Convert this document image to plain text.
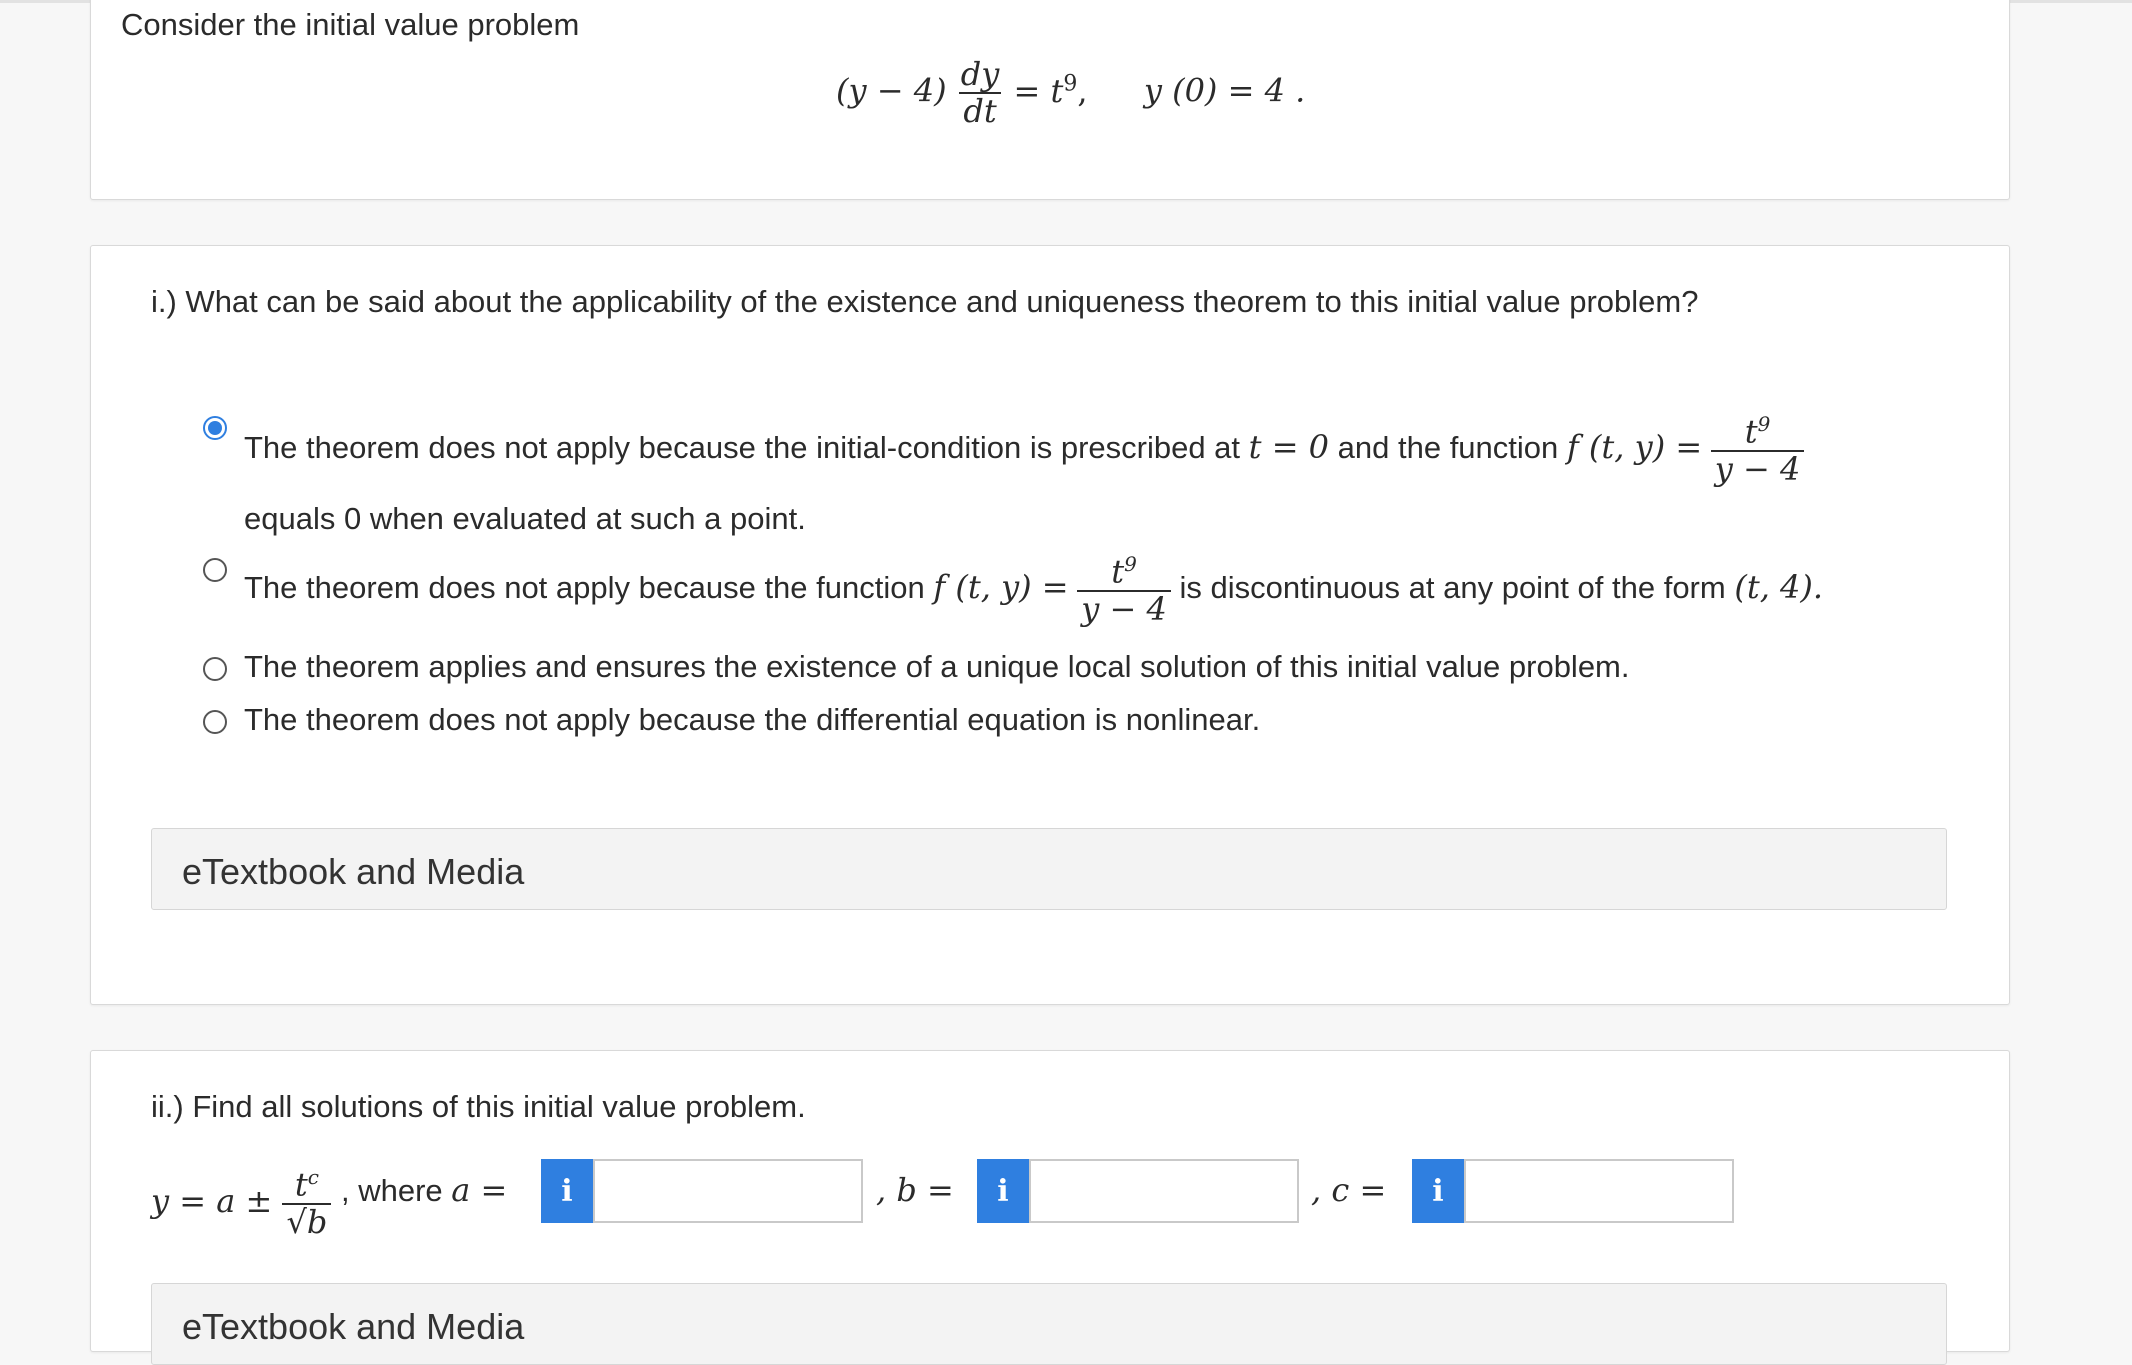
Consider the initial value problem
$(y - 4) \frac{dy}{dt} = t^9$, y (0) = 4 .
i.) What can be said about the applicability of the existence and uniqueness theorem to this initial value problem?
The theorem does not apply because the initial-condition is prescribed at t = 0 and the function f (t, $y) = \frac{t^9}{y - 4}$
equals 0 when evaluated at such a point.
The theorem does not apply because the function f (t, $y) = \frac{t^9}{y - 4}$ is discontinuous at any point of the form (t, 4).
The theorem applies and ensures the existence of a unique local solution of this initial value problem.
The theorem does not apply because the differential equation is nonlinear.
eTextbook and Media
ii.) Find all solutions of this initial value problem.
$y = a \pm \frac{t^c}{√b}$ , where a =	i	, b =	i	, c =	i
eTextbook and Media
